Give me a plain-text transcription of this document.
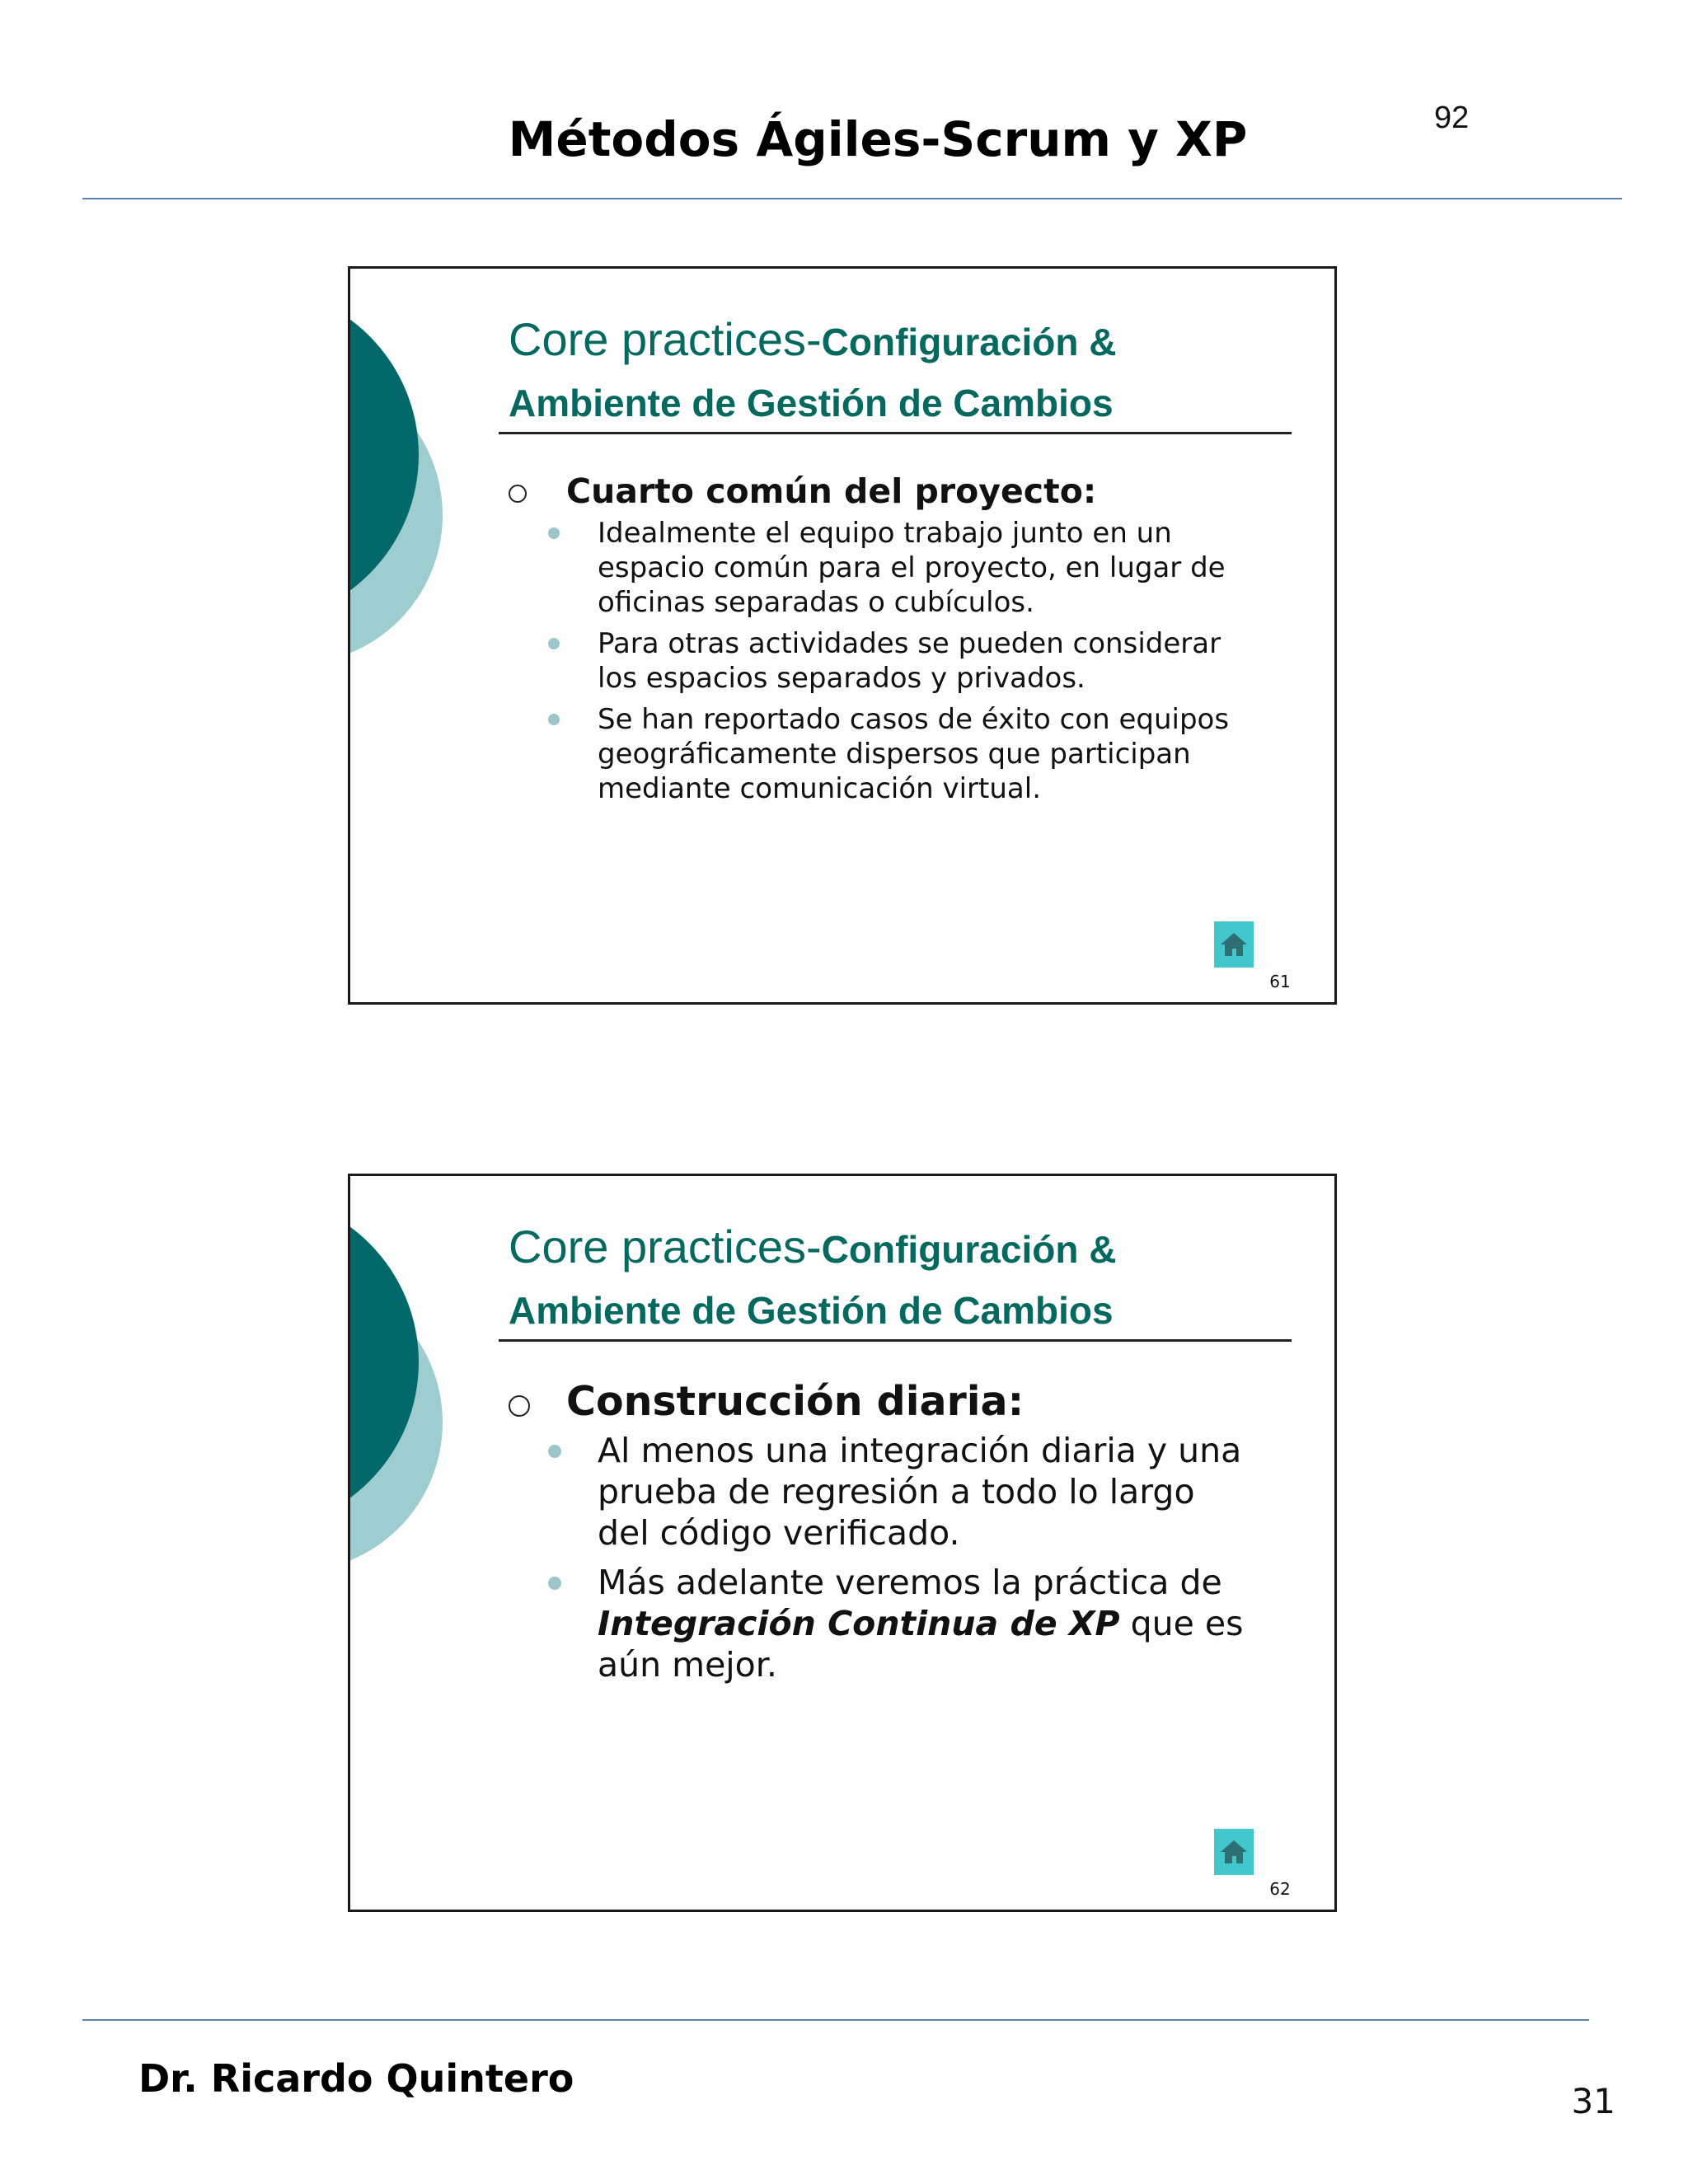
92
Métodos Ágiles-Scrum y XP
Core practices-Configuración &
Ambiente de Gestión de Cambios
Cuarto común del proyecto:
Idealmente el equipo trabajo junto en un espacio común para el proyecto, en lugar de oficinas separadas o cubículos.
Para otras actividades se pueden considerar los espacios separados y privados.
Se han reportado casos de éxito con equipos geográficamente dispersos que participan mediante comunicación virtual.
61
Core practices-Configuración &
Ambiente de Gestión de Cambios
Construcción diaria:
Al menos una integración diaria y una prueba de regresión a todo lo largo del código verificado.
Más adelante veremos la práctica de Integración Continua de XP que es aún mejor.
62
Dr. Ricardo Quintero
31
